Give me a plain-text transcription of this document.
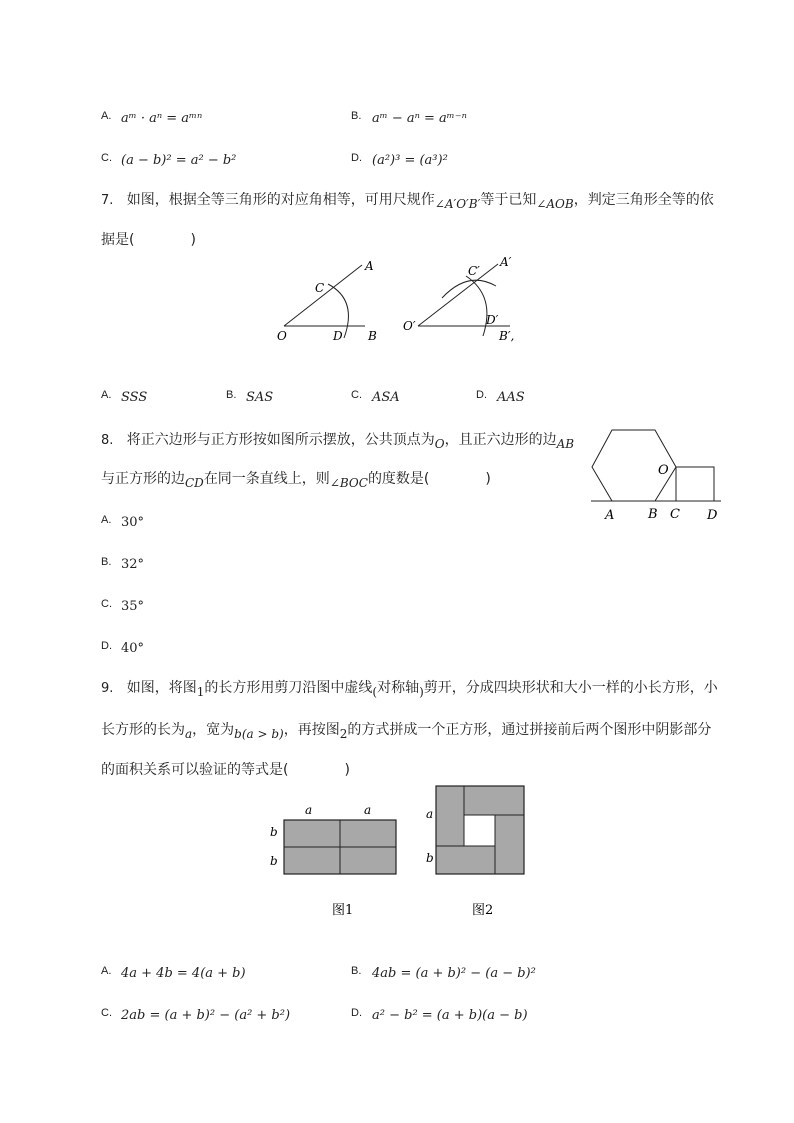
A. aᵐ · aⁿ = aᵐⁿ	B. aᵐ − aⁿ = aᵐ⁻ⁿ
C. (a − b)² = a² − b²	D. (a²)³ = (a³)²
7. 如图，根据全等三角形的对应角相等，可用尺规作∠A′O′B′等于已知∠AOB，判定三角形全等的依
据是(　　　　)
A
C
O	D B
A′
C′
O′	D′
B′,
A. SSS	B. SAS	C. ASA	D. AAS
8. 将正六边形与正方形按如图所示摆放，公共顶点为O，且正六边形的边AB
与正方形的边CD在同一条直线上，则∠BOC的度数是(　　　　)
O
A	B C D
A. 30°
B. 32°
C. 35°
D. 40°
9. 如图，将图1的长方形用剪刀沿图中虚线(对称轴)剪开，分成四块形状和大小一样的小长方形，小
长方形的长为a，宽为b(a > b)，再按图2的方式拼成一个正方形，通过拼接前后两个图形中阴影部分
的面积关系可以验证的等式是(　　　　)
a	a
b
b
图1
a
b
图2
A. 4a + 4b = 4(a + b)	B. 4ab = (a + b)² − (a − b)²
C. 2ab = (a + b)² − (a² + b²)	D. a² − b² = (a + b)(a − b)
